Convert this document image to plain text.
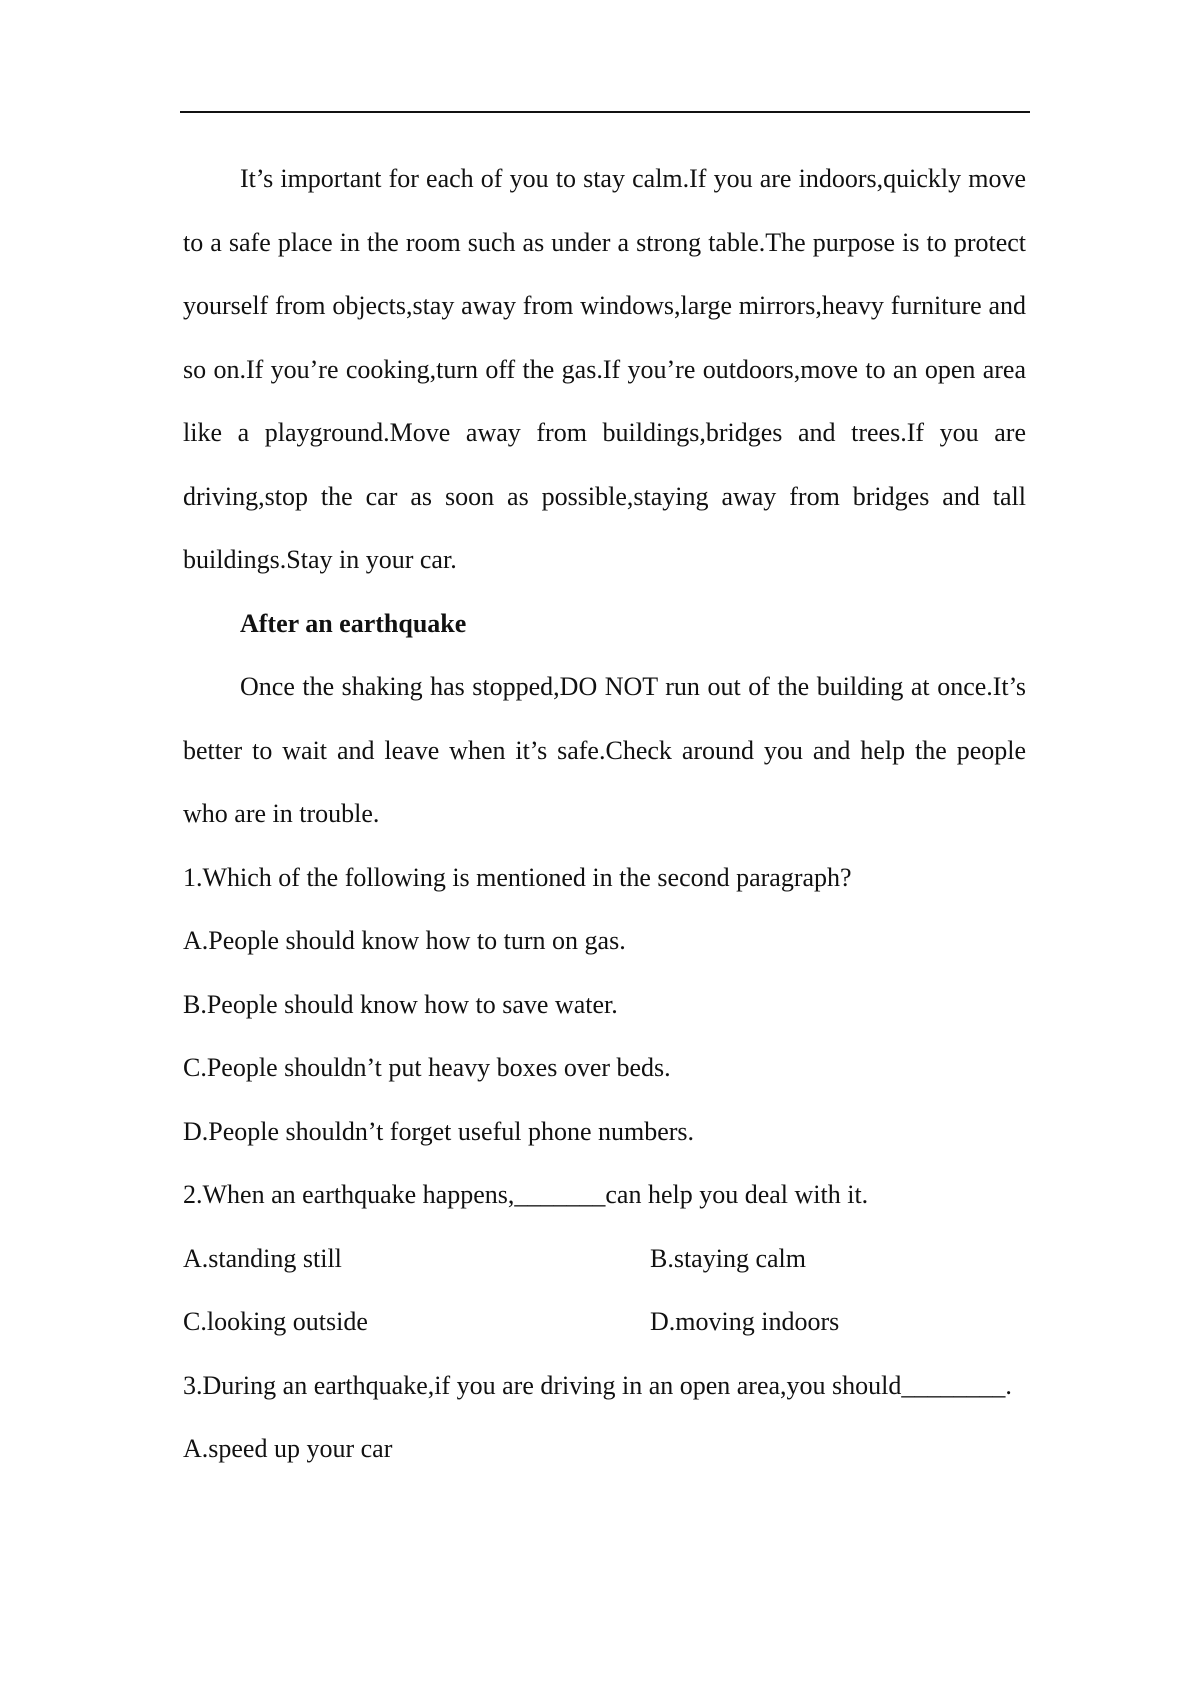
It’s important for each of you to stay calm.If you are indoors,quickly move to a safe place in the room such as under a strong table.The purpose is to protect yourself from objects,stay away from windows,large mirrors,heavy furniture and so on.If you’re cooking,turn off the gas.If you’re outdoors,move to an open area like a playground.Move away from buildings,bridges and trees.If you are driving,stop the car as soon as possible,staying away from bridges and tall buildings.Stay in your car.

After an earthquake

Once the shaking has stopped,DO NOT run out of the building at once.It’s better to wait and leave when it’s safe.Check around you and help the people who are in trouble.

1.Which of the following is mentioned in the second paragraph?

A.People should know how to turn on gas.

B.People should know how to save water.

C.People shouldn’t put heavy boxes over beds.

D.People shouldn’t forget useful phone numbers.

2.When an earthquake happens,_______can help you deal with it.

A.standing still	B.staying calm
C.looking outside	D.moving indoors

3.During an earthquake,if you are driving in an open area,you should________.

A.speed up your car
